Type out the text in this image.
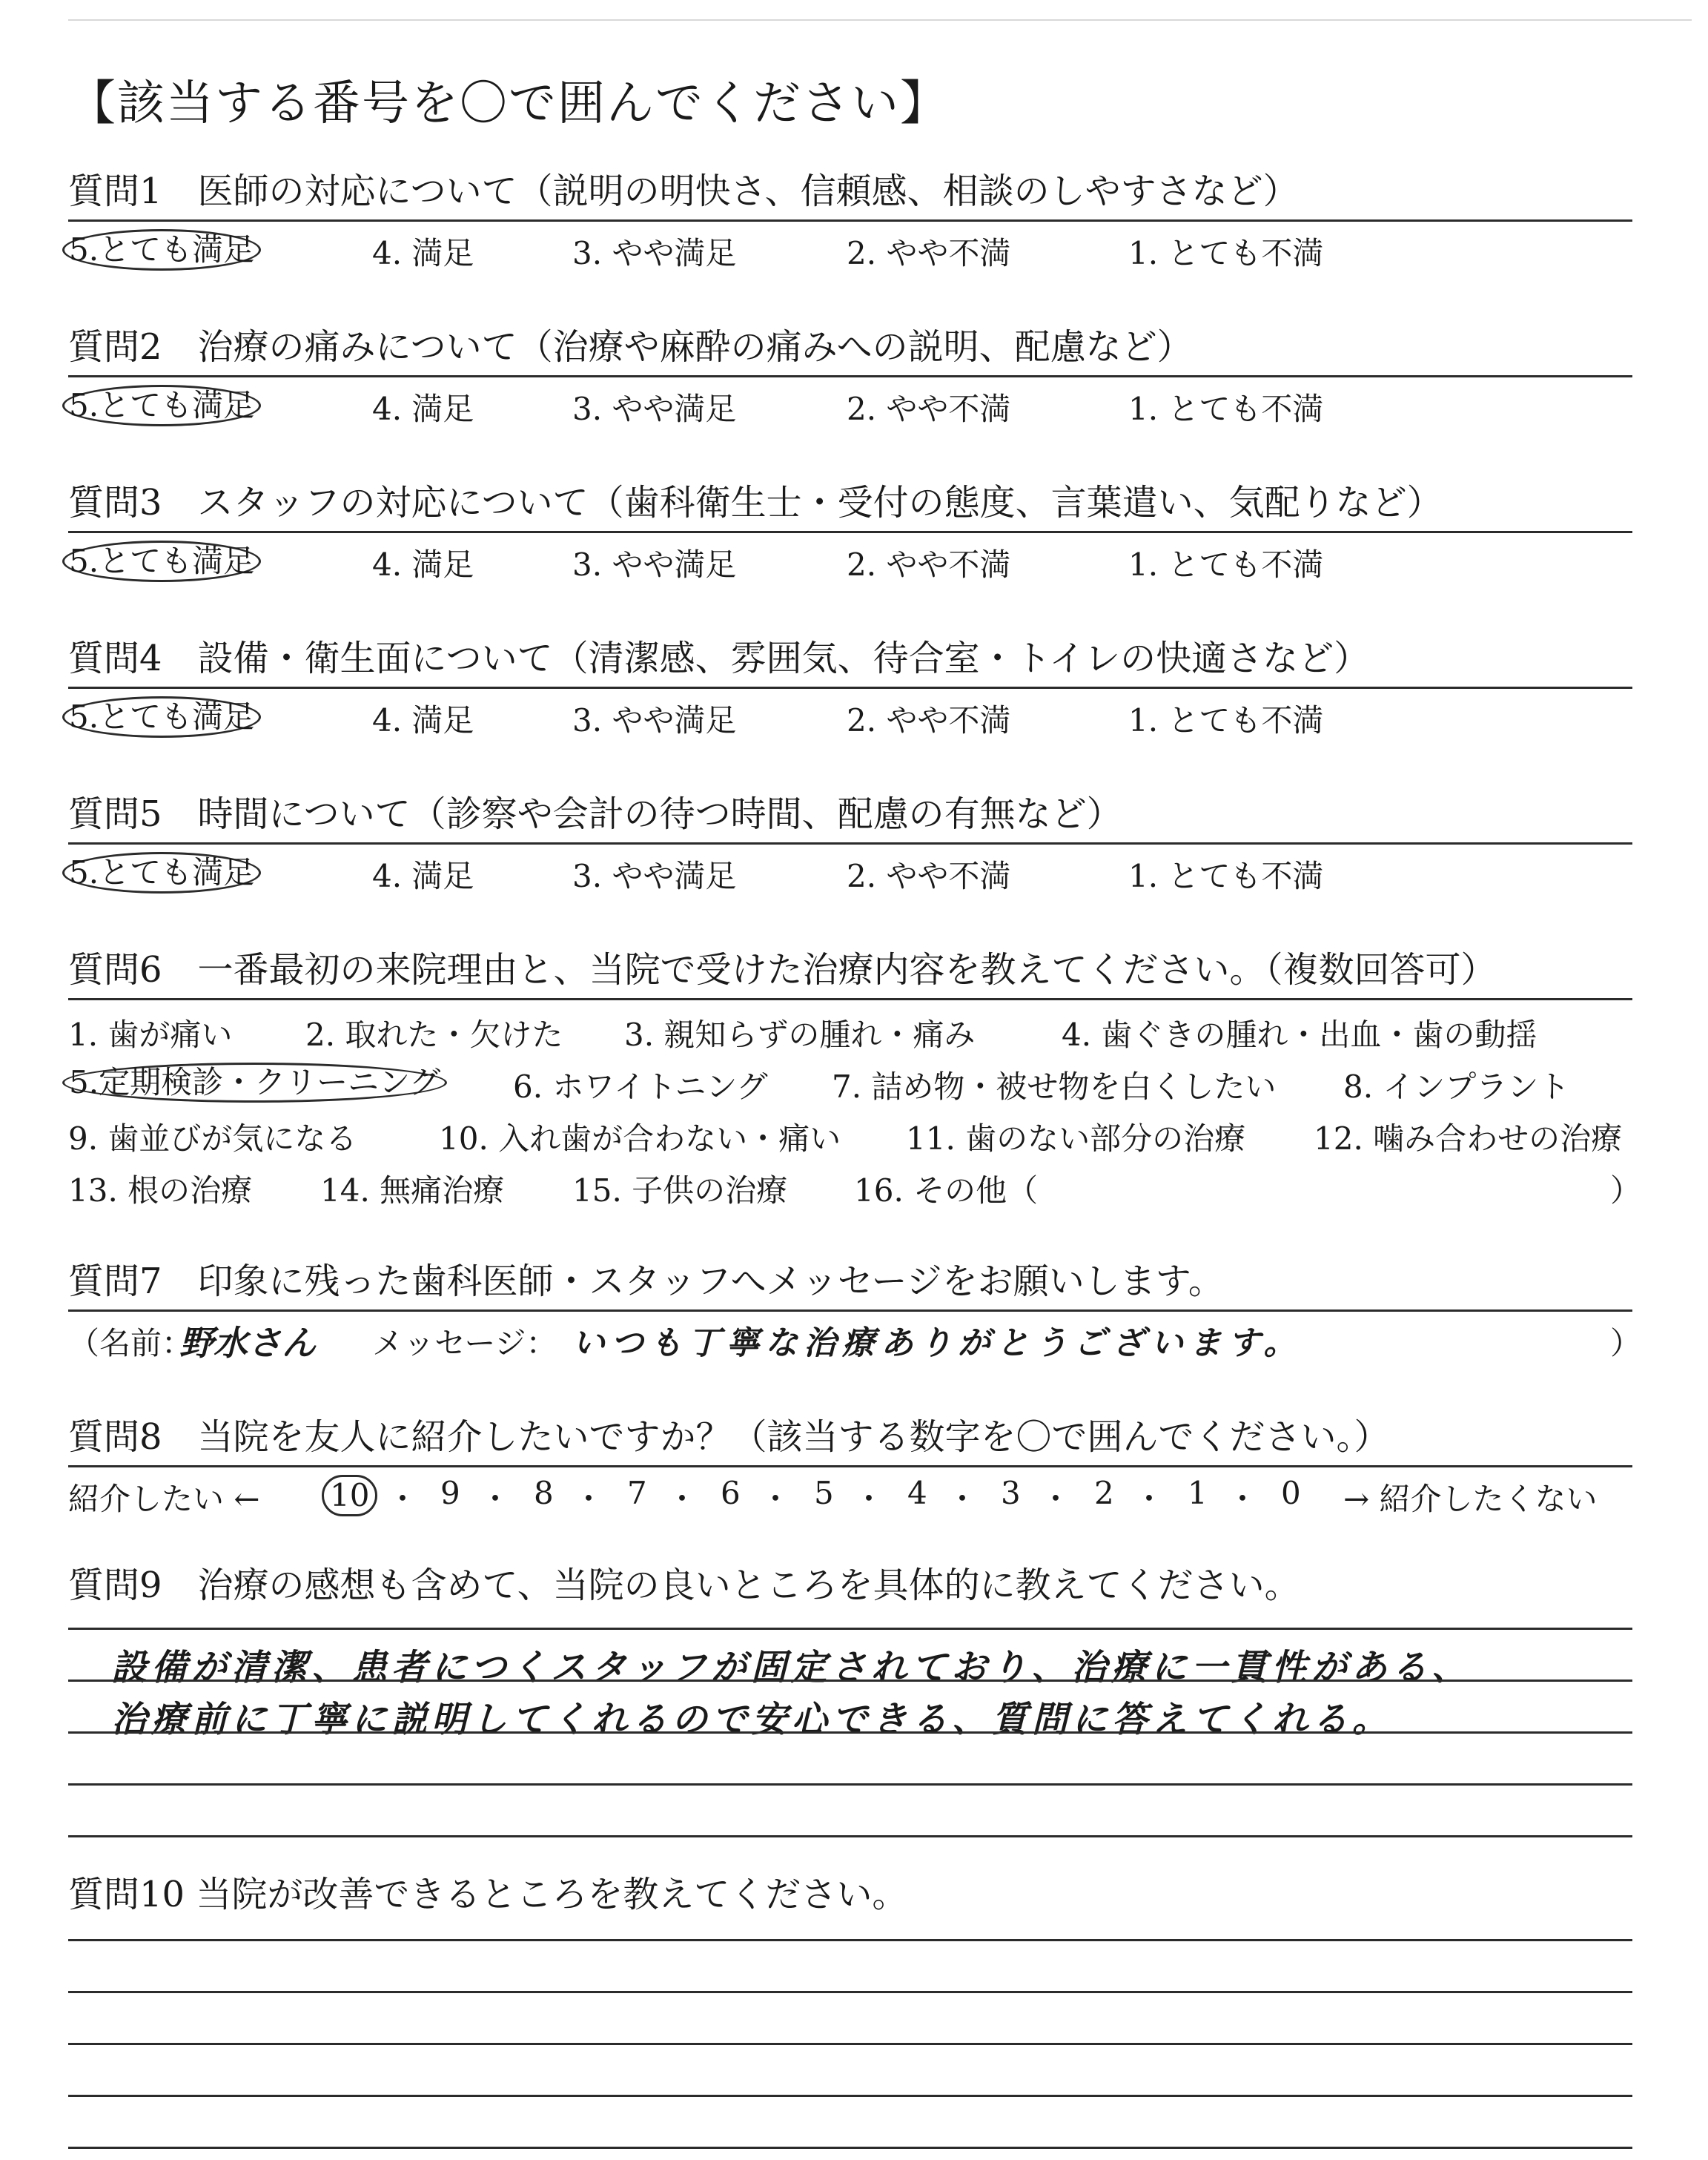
【該当する番号を〇で囲んでください】
質問1　医師の対応について（説明の明快さ、信頼感、相談のしやすさなど）
5.とても満足	4. 満足	3. やや満足	2. やや不満	1. とても不満
質問2　治療の痛みについて（治療や麻酔の痛みへの説明、配慮など）
5.とても満足	4. 満足	3. やや満足	2. やや不満	1. とても不満
質問3　スタッフの対応について（歯科衛生士・受付の態度、言葉遣い、気配りなど）
5.とても満足	4. 満足	3. やや満足	2. やや不満	1. とても不満
質問4　設備・衛生面について（清潔感、雰囲気、待合室・トイレの快適さなど）
5.とても満足	4. 満足	3. やや満足	2. やや不満	1. とても不満
質問5　時間について（診察や会計の待つ時間、配慮の有無など）
5.とても満足	4. 満足	3. やや満足	2. やや不満	1. とても不満
質問6　一番最初の来院理由と、当院で受けた治療内容を教えてください。（複数回答可）
1. 歯が痛い 2. 取れた・欠けた 3. 親知らずの腫れ・痛み	4. 歯ぐきの腫れ・出血・歯の動揺
5.定期検診・クリーニング 6. ホワイトニング 7. 詰め物・被せ物を白くしたい 8. インプラント
9. 歯並びが気になる	10. 入れ歯が合わない・痛い 11. 歯のない部分の治療 12. 噛み合わせの治療
13. 根の治療 14. 無痛治療 15. 子供の治療 16. その他（	）
質問7　印象に残った歯科医師・スタッフへメッセージをお願いします。
（名前：
野水さん メッセージ： いつも丁寧な治療ありがとうございます。	）
質問8　当院を友人に紹介したいですか？（該当する数字を〇で囲んでください。）
紹介したい ← 10 ・ 9 ・ 8 ・ 7 ・ 6 ・ 5 ・ 4 ・ 3 ・ 2 ・ 1 ・ 0 → 紹介したくない
質問9　治療の感想も含めて、当院の良いところを具体的に教えてください。
設備が清潔、患者につくスタッフが固定されており、治療に一貫性がある、
治療前に丁寧に説明してくれるので安心できる、質問に答えてくれる。
質問10 当院が改善できるところを教えてください。
